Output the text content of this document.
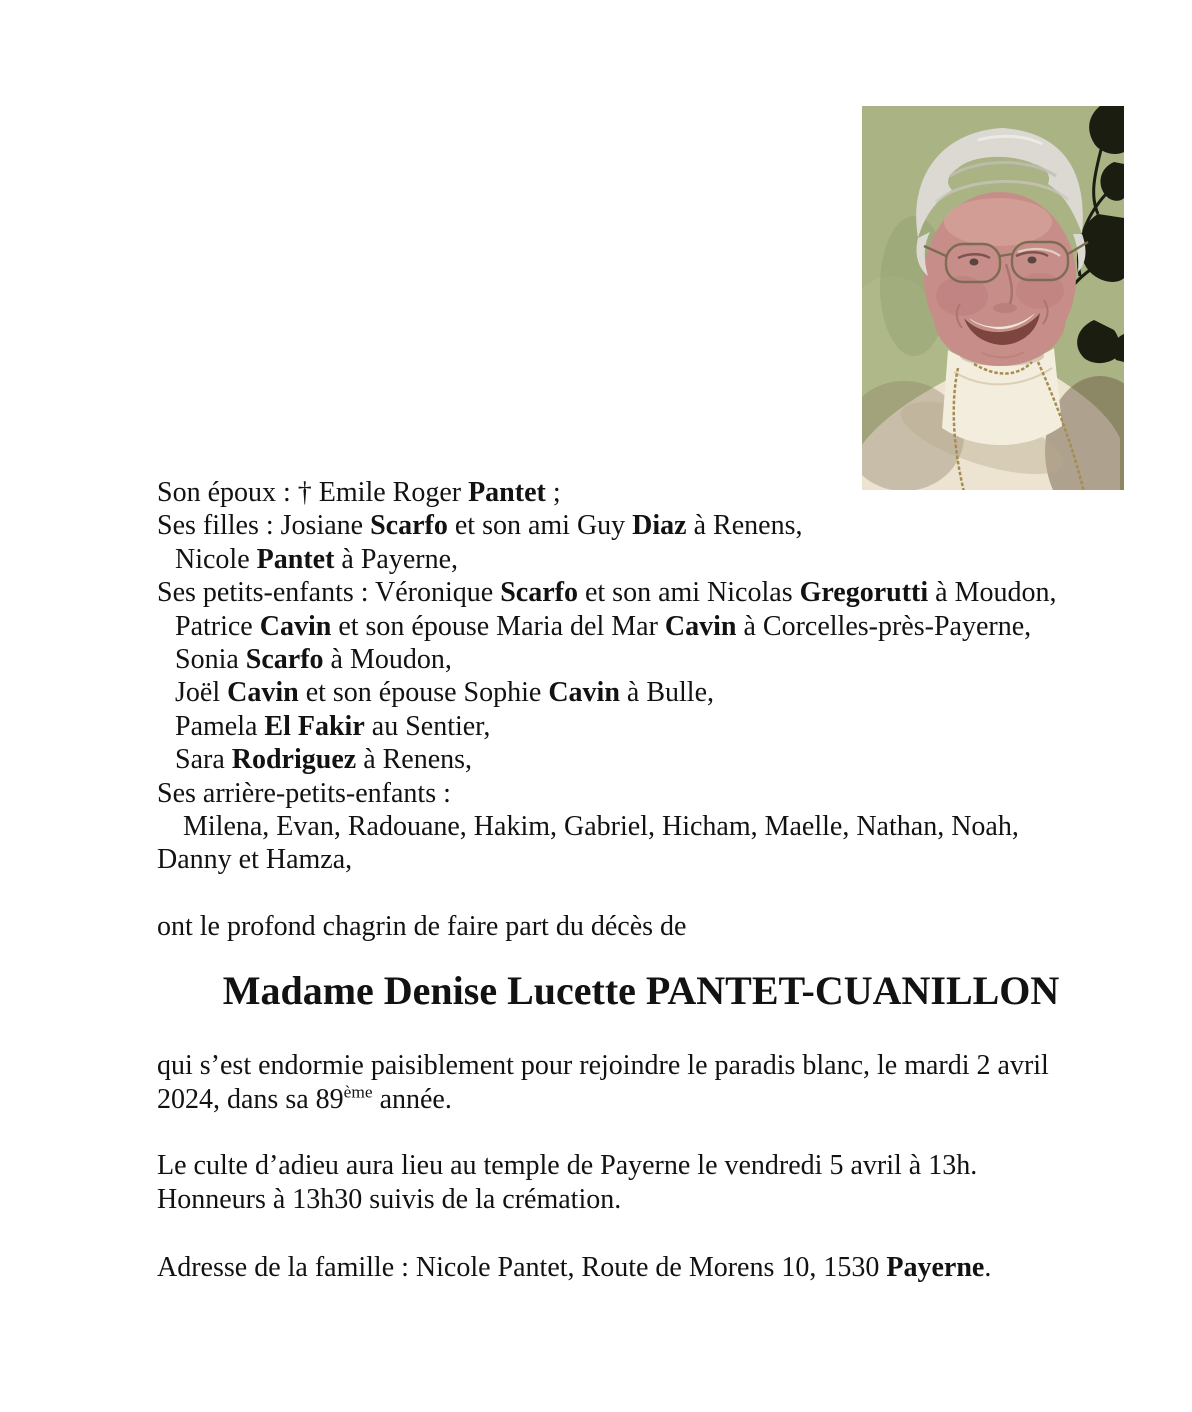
Son époux : † Emile Roger Pantet ;
Ses filles : Josiane Scarfo et son ami Guy Diaz à Renens,
Nicole Pantet à Payerne,
Ses petits-enfants : Véronique Scarfo et son ami Nicolas Gregorutti à Moudon,
Patrice Cavin et son épouse Maria del Mar Cavin à Corcelles-près-Payerne,
Sonia Scarfo à Moudon,
Joël Cavin et son épouse Sophie Cavin à Bulle,
Pamela El Fakir au Sentier,
Sara Rodriguez à Renens,
Ses arrière-petits-enfants :
Milena, Evan, Radouane, Hakim, Gabriel, Hicham, Maelle, Nathan, Noah,
Danny et Hamza,
ont le profond chagrin de faire part du décès de
Madame Denise Lucette PANTET-CUANILLON
qui s’est endormie paisiblement pour rejoindre le paradis blanc, le mardi 2 avril
2024, dans sa 89ème année.
Le culte d’adieu aura lieu au temple de Payerne le vendredi 5 avril à 13h.
Honneurs à 13h30 suivis de la crémation.
Adresse de la famille : Nicole Pantet, Route de Morens 10, 1530 Payerne.
